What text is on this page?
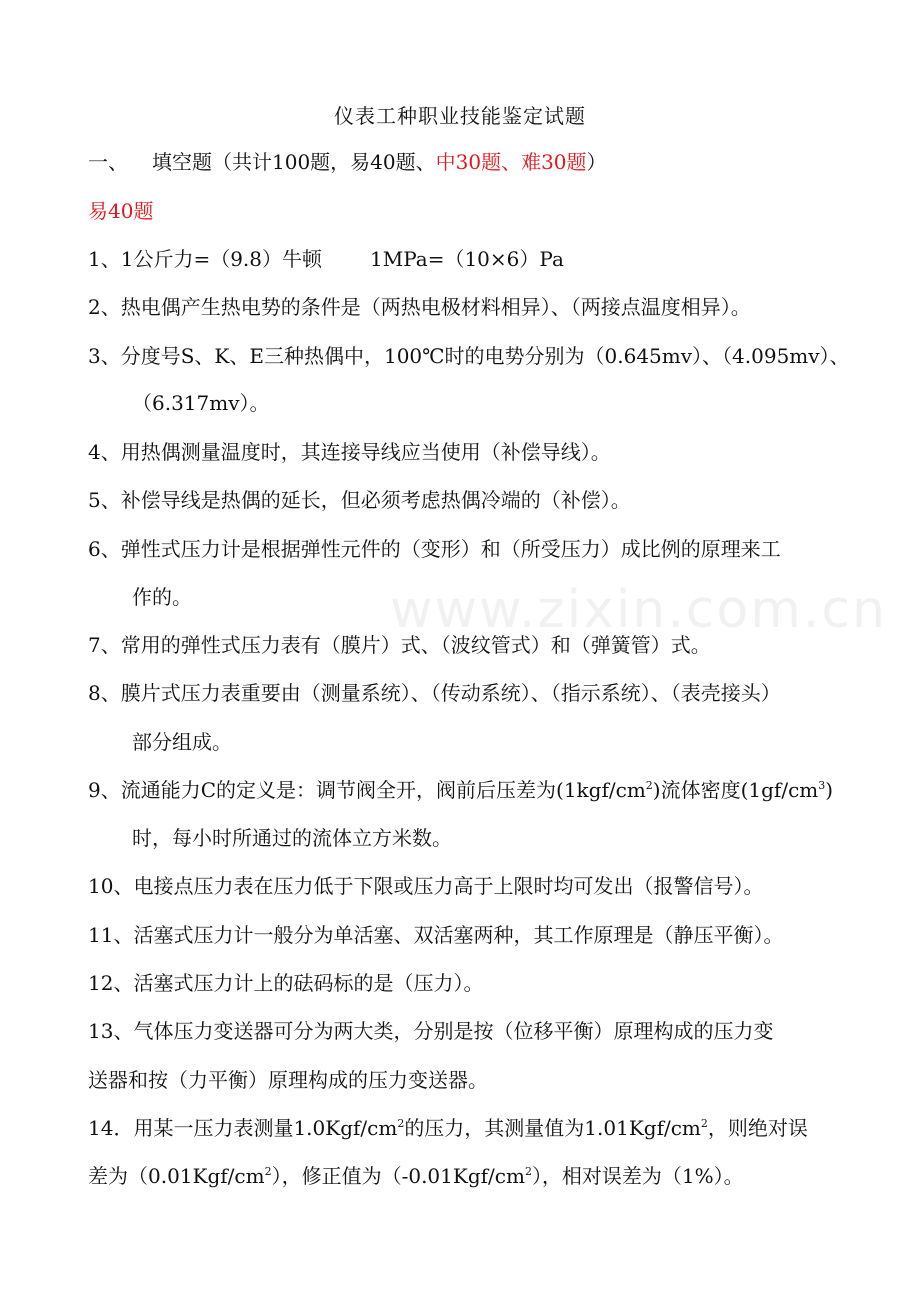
www.zixin.com.cn
仪表工种职业技能鉴定试题
一、 填空题（共计100题，易40题、中30题、难30题）
易40题
1、1公斤力=（9.8）牛顿 1MPa=（10×6）Pa
2、热电偶产生热电势的条件是（两热电极材料相异）、（两接点温度相异）。
3、分度号S、K、E三种热偶中，100℃时的电势分别为（0.645mv）、（4.095mv）、
（6.317mv）。
4、用热偶测量温度时，其连接导线应当使用（补偿导线）。
5、补偿导线是热偶的延长，但必须考虑热偶冷端的（补偿）。
6、弹性式压力计是根据弹性元件的（变形）和（所受压力）成比例的原理来工
作的。
7、常用的弹性式压力表有（膜片）式、（波纹管式）和（弹簧管）式。
8、膜片式压力表重要由（测量系统）、（传动系统）、（指示系统）、（表壳接头）
部分组成。
9、流通能力C的定义是：调节阀全开，阀前后压差为$(1kgf/cm^2)$流体密度$(1gf/cm^3)$
时，每小时所通过的流体立方米数。
10、电接点压力表在压力低于下限或压力高于上限时均可发出（报警信号）。
11、活塞式压力计一般分为单活塞、双活塞两种，其工作原理是（静压平衡）。
12、活塞式压力计上的砝码标的是（压力）。
13、气体压力变送器可分为两大类，分别是按（位移平衡）原理构成的压力变
送器和按（力平衡）原理构成的压力变送器。
14．用某一压力表测量$1.0Kgf/cm^2$的压力，其测量值为$1.01Kgf/cm^2$，则绝对误
差为$(0.01Kgf/cm^2)$，修正值为$(-0.01Kgf/cm^2)$，相对误差为（1%）。
